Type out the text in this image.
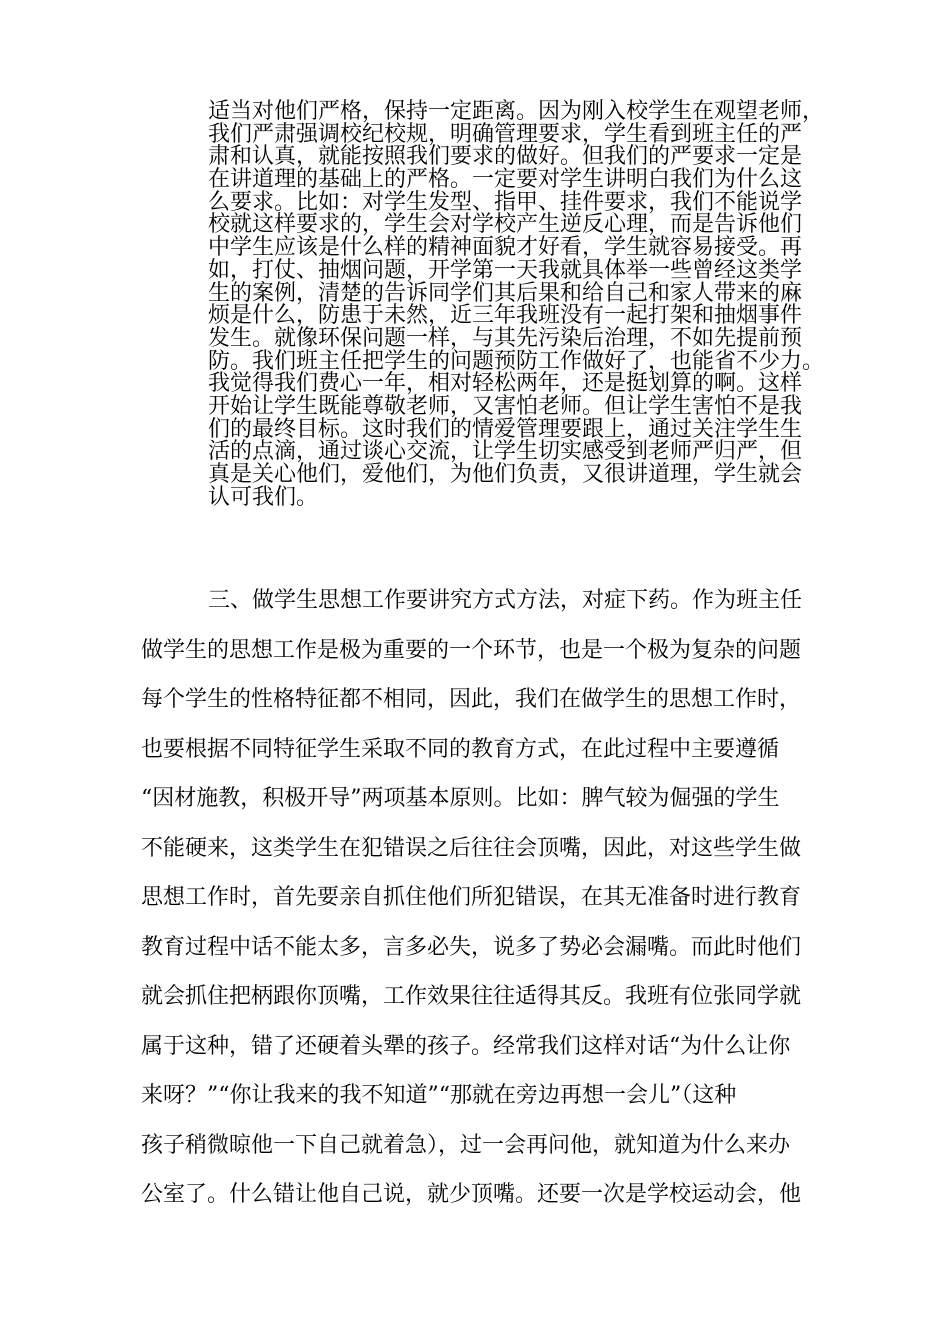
适当对他们严格，保持一定距离。因为刚入校学生在观望老师，
我们严肃强调校纪校规，明确管理要求，学生看到班主任的严
肃和认真，就能按照我们要求的做好。但我们的严要求一定是
在讲道理的基础上的严格。一定要对学生讲明白我们为什么这
么要求。比如：对学生发型、指甲、挂件要求，我们不能说学
校就这样要求的，学生会对学校产生逆反心理，而是告诉他们
中学生应该是什么样的精神面貌才好看，学生就容易接受。再
如，打仗、抽烟问题，开学第一天我就具体举一些曾经这类学
生的案例，清楚的告诉同学们其后果和给自己和家人带来的麻
烦是什么，防患于未然，近三年我班没有一起打架和抽烟事件
发生。就像环保问题一样，与其先污染后治理，不如先提前预
防。我们班主任把学生的问题预防工作做好了，也能省不少力。
我觉得我们费心一年，相对轻松两年，还是挺划算的啊。这样
开始让学生既能尊敬老师，又害怕老师。但让学生害怕不是我
们的最终目标。这时我们的情爱管理要跟上，通过关注学生生
活的点滴，通过谈心交流，让学生切实感受到老师严归严，但
真是关心他们，爱他们，为他们负责，又很讲道理，学生就会
认可我们。
三、做学生思想工作要讲究方式方法，对症下药。作为班主任
做学生的思想工作是极为重要的一个环节，也是一个极为复杂的问题
每个学生的性格特征都不相同，因此，我们在做学生的思想工作时，
也要根据不同特征学生采取不同的教育方式，在此过程中主要遵循
“因材施教，积极开导”两项基本原则。比如：脾气较为倔强的学生
不能硬来，这类学生在犯错误之后往往会顶嘴，因此，对这些学生做
思想工作时，首先要亲自抓住他们所犯错误，在其无准备时进行教育
教育过程中话不能太多，言多必失，说多了势必会漏嘴。而此时他们
就会抓住把柄跟你顶嘴，工作效果往往适得其反。我班有位张同学就
属于这种，错了还硬着头犟的孩子。经常我们这样对话“为什么让你
来呀？”“你让我来的我不知道”“那就在旁边再想一会儿”（这种
孩子稍微晾他一下自己就着急），过一会再问他，就知道为什么来办
公室了。什么错让他自己说，就少顶嘴。还要一次是学校运动会，他
